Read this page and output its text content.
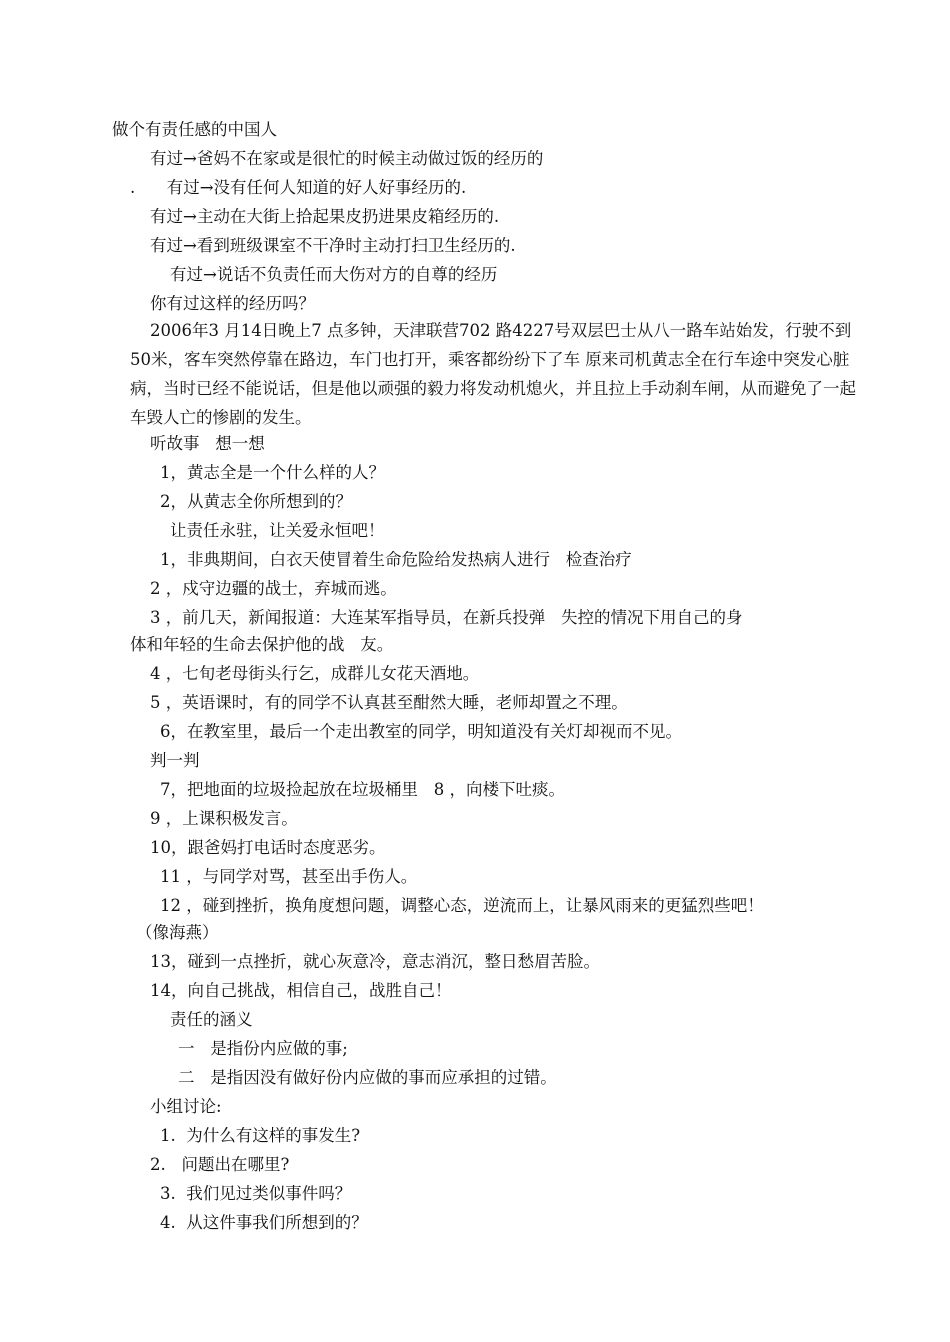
做个有责任感的中国人
有过→爸妈不在家或是很忙的时候主动做过饭的经历的
.      有过→没有任何人知道的好人好事经历的.
有过→主动在大街上拾起果皮扔进果皮箱经历的.
有过→看到班级课室不干净时主动打扫卫生经历的.
有过→说话不负责任而大伤对方的自尊的经历
你有过这样的经历吗？
2006年3 月14日晚上7 点多钟，天津联营702 路4227号双层巴士从八一路车站始发，行驶不到50米，客车突然停靠在路边，车门也打开，乘客都纷纷下了车 原来司机黄志全在行车途中突发心脏病，当时已经不能说话，但是他以顽强的毅力将发动机熄火，并且拉上手动刹车闸，从而避免了一起车毁人亡的惨剧的发生。
听故事   想一想
1，黄志全是一个什么样的人？
2，从黄志全你所想到的？
让责任永驻，让关爱永恒吧！
1，非典期间，白衣天使冒着生命危险给发热病人进行   检查治疗
2 ，戍守边疆的战士，弃城而逃。
3 ，前几天，新闻报道：大连某军指导员，在新兵投弹   失控的情况下用自己的身
体和年轻的生命去保护他的战   友。
4 ，七旬老母街头行乞，成群儿女花天酒地。
5 ，英语课时，有的同学不认真甚至酣然大睡，老师却置之不理。
6，在教室里，最后一个走出教室的同学，明知道没有关灯却视而不见。
判一判
7，把地面的垃圾捡起放在垃圾桶里   8 ，向楼下吐痰。
9 ，上课积极发言。
10，跟爸妈打电话时态度恶劣。
11 ，与同学对骂，甚至出手伤人。
12 ，碰到挫折，换角度想问题，调整心态，逆流而上，让暴风雨来的更猛烈些吧！
（像海燕）
13，碰到一点挫折，就心灰意冷，意志消沉，整日愁眉苦脸。
14，向自己挑战，相信自己，战胜自己！
责任的涵义
一   是指份内应做的事;
二   是指因没有做好份内应做的事而应承担的过错。
小组讨论:
1.  为什么有这样的事发生?
2.   问题出在哪里?
3.  我们见过类似事件吗？
4.  从这件事我们所想到的？
